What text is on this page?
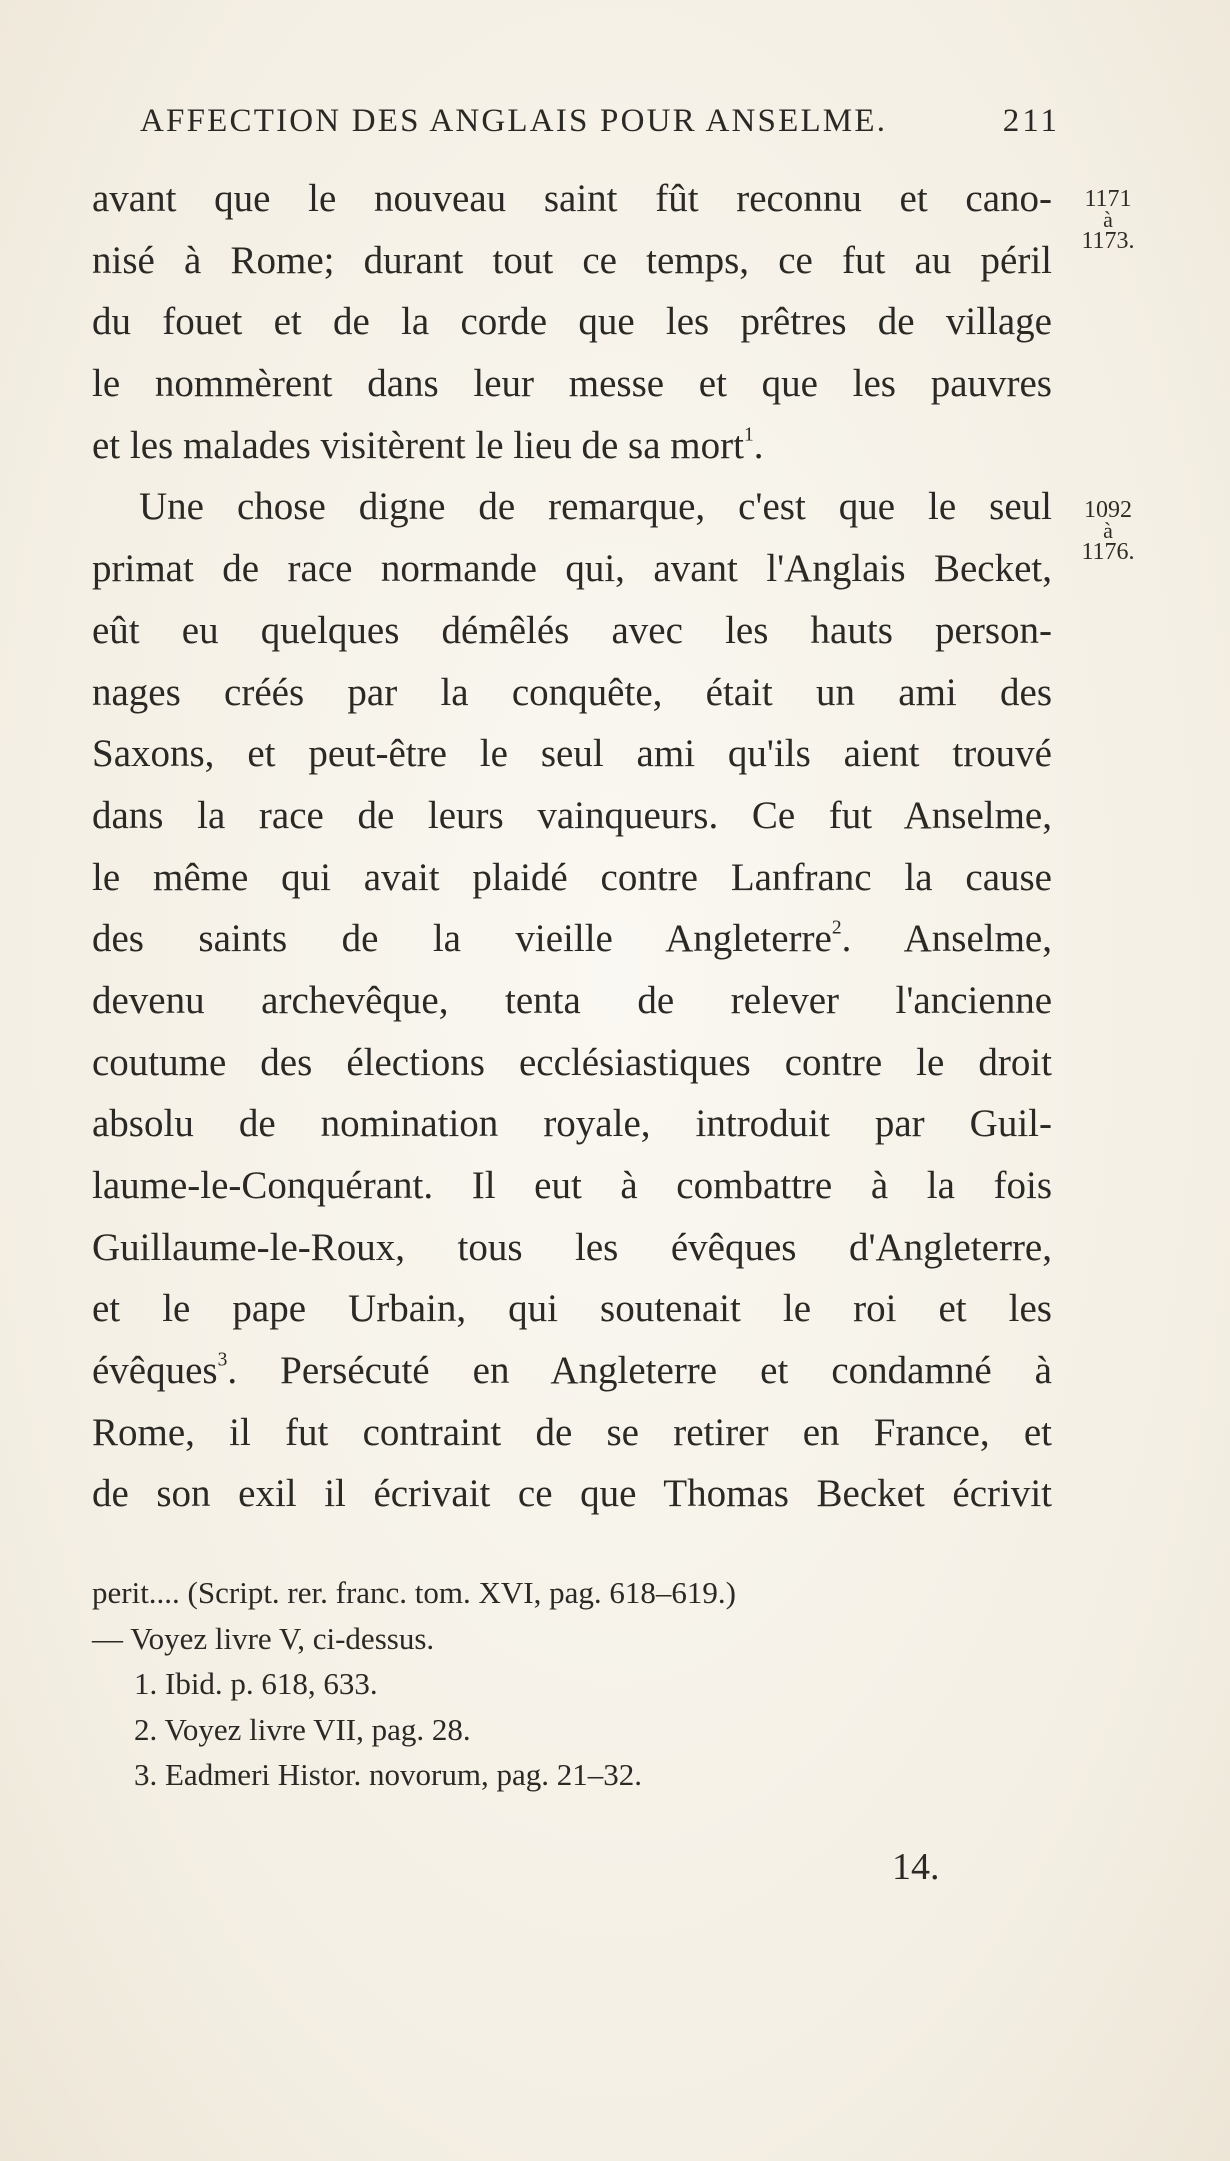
AFFECTION DES ANGLAIS POUR ANSELME.	211
avant que le nouveau saint fût reconnu et cano-
nisé à Rome; durant tout ce temps, ce fut au péril
du fouet et de la corde que les prêtres de village
le nommèrent dans leur messe et que les pauvres
et les malades visitèrent le lieu de sa mort$^1$.
Une chose digne de remarque, c'est que le seul
primat de race normande qui, avant l'Anglais Becket,
eût eu quelques démêlés avec les hauts person-
nages créés par la conquête, était un ami des
Saxons, et peut-être le seul ami qu'ils aient trouvé
dans la race de leurs vainqueurs. Ce fut Anselme,
le même qui avait plaidé contre Lanfranc la cause
des saints de la vieille Angleterre$^2$. Anselme,
devenu archevêque, tenta de relever l'ancienne
coutume des élections ecclésiastiques contre le droit
absolu de nomination royale, introduit par Guil-
laume-le-Conquérant. Il eut à combattre à la fois
Guillaume-le-Roux, tous les évêques d'Angleterre,
et le pape Urbain, qui soutenait le roi et les
évêques$^3$. Persécuté en Angleterre et condamné à
Rome, il fut contraint de se retirer en France, et
de son exil il écrivait ce que Thomas Becket écrivit
1171
à
1173.
1092
à
1176.
perit.... (Script. rer. franc. tom. XVI, pag. 618–619.)
— Voyez livre V, ci-dessus.
1. Ibid. p. 618, 633.
2. Voyez livre VII, pag. 28.
3. Eadmeri Histor. novorum, pag. 21–32.
14.
